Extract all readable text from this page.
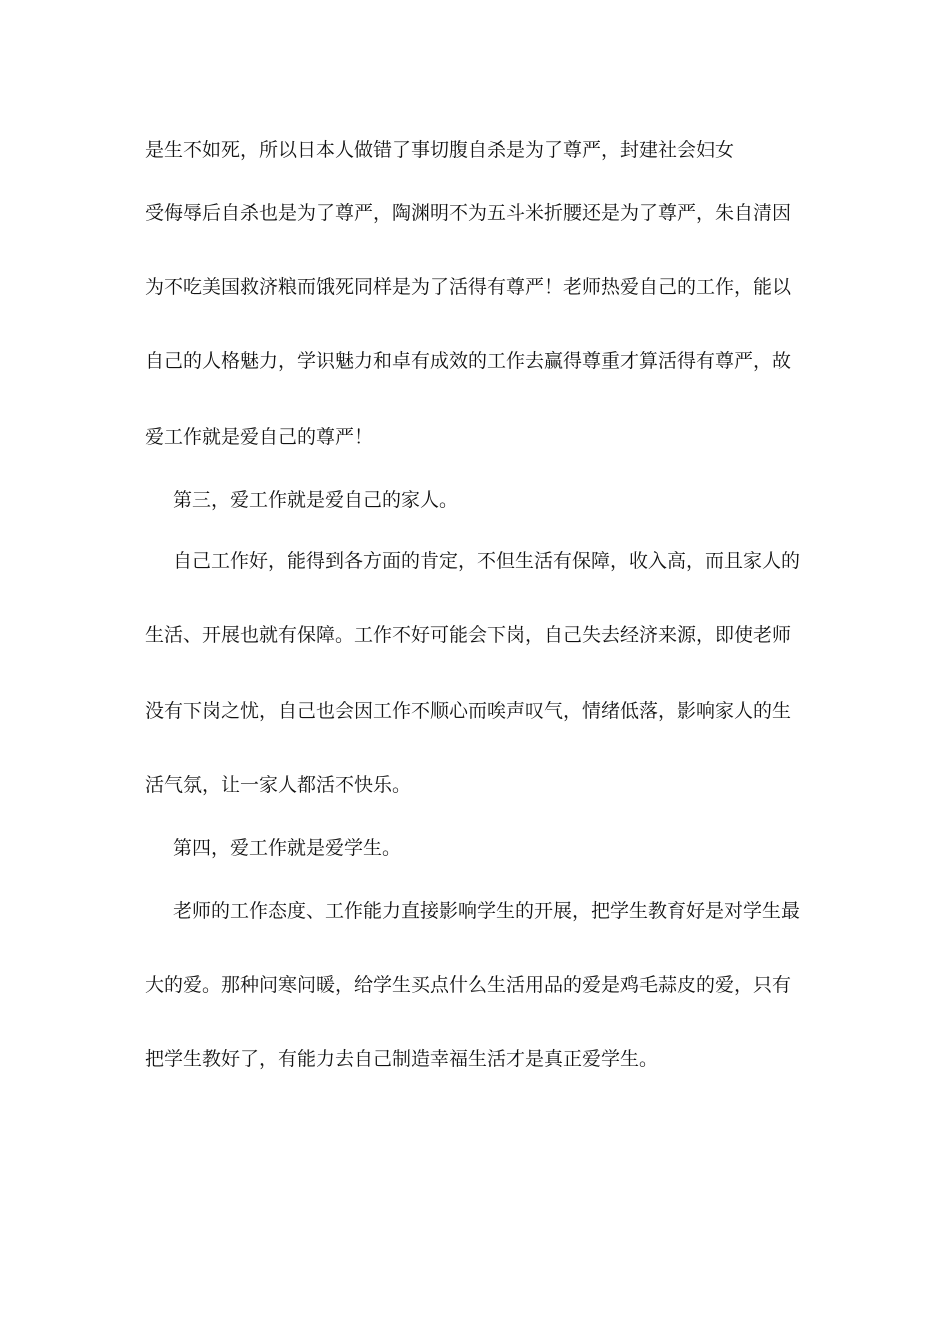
是生不如死，所以日本人做错了事切腹自杀是为了尊严，封建社会妇女
受侮辱后自杀也是为了尊严，陶渊明不为五斗米折腰还是为了尊严，朱自清因
为不吃美国救济粮而饿死同样是为了活得有尊严！老师热爱自己的工作，能以
自己的人格魅力，学识魅力和卓有成效的工作去赢得尊重才算活得有尊严，故
爱工作就是爱自己的尊严！
第三，爱工作就是爱自己的家人。
自己工作好，能得到各方面的肯定，不但生活有保障，收入高，而且家人的
生活、开展也就有保障。工作不好可能会下岗，自己失去经济来源，即使老师
没有下岗之忧，自己也会因工作不顺心而唉声叹气，情绪低落，影响家人的生
活气氛，让一家人都活不快乐。
第四，爱工作就是爱学生。
老师的工作态度、工作能力直接影响学生的开展，把学生教育好是对学生最
大的爱。那种问寒问暖，给学生买点什么生活用品的爱是鸡毛蒜皮的爱，只有
把学生教好了，有能力去自己制造幸福生活才是真正爱学生。
